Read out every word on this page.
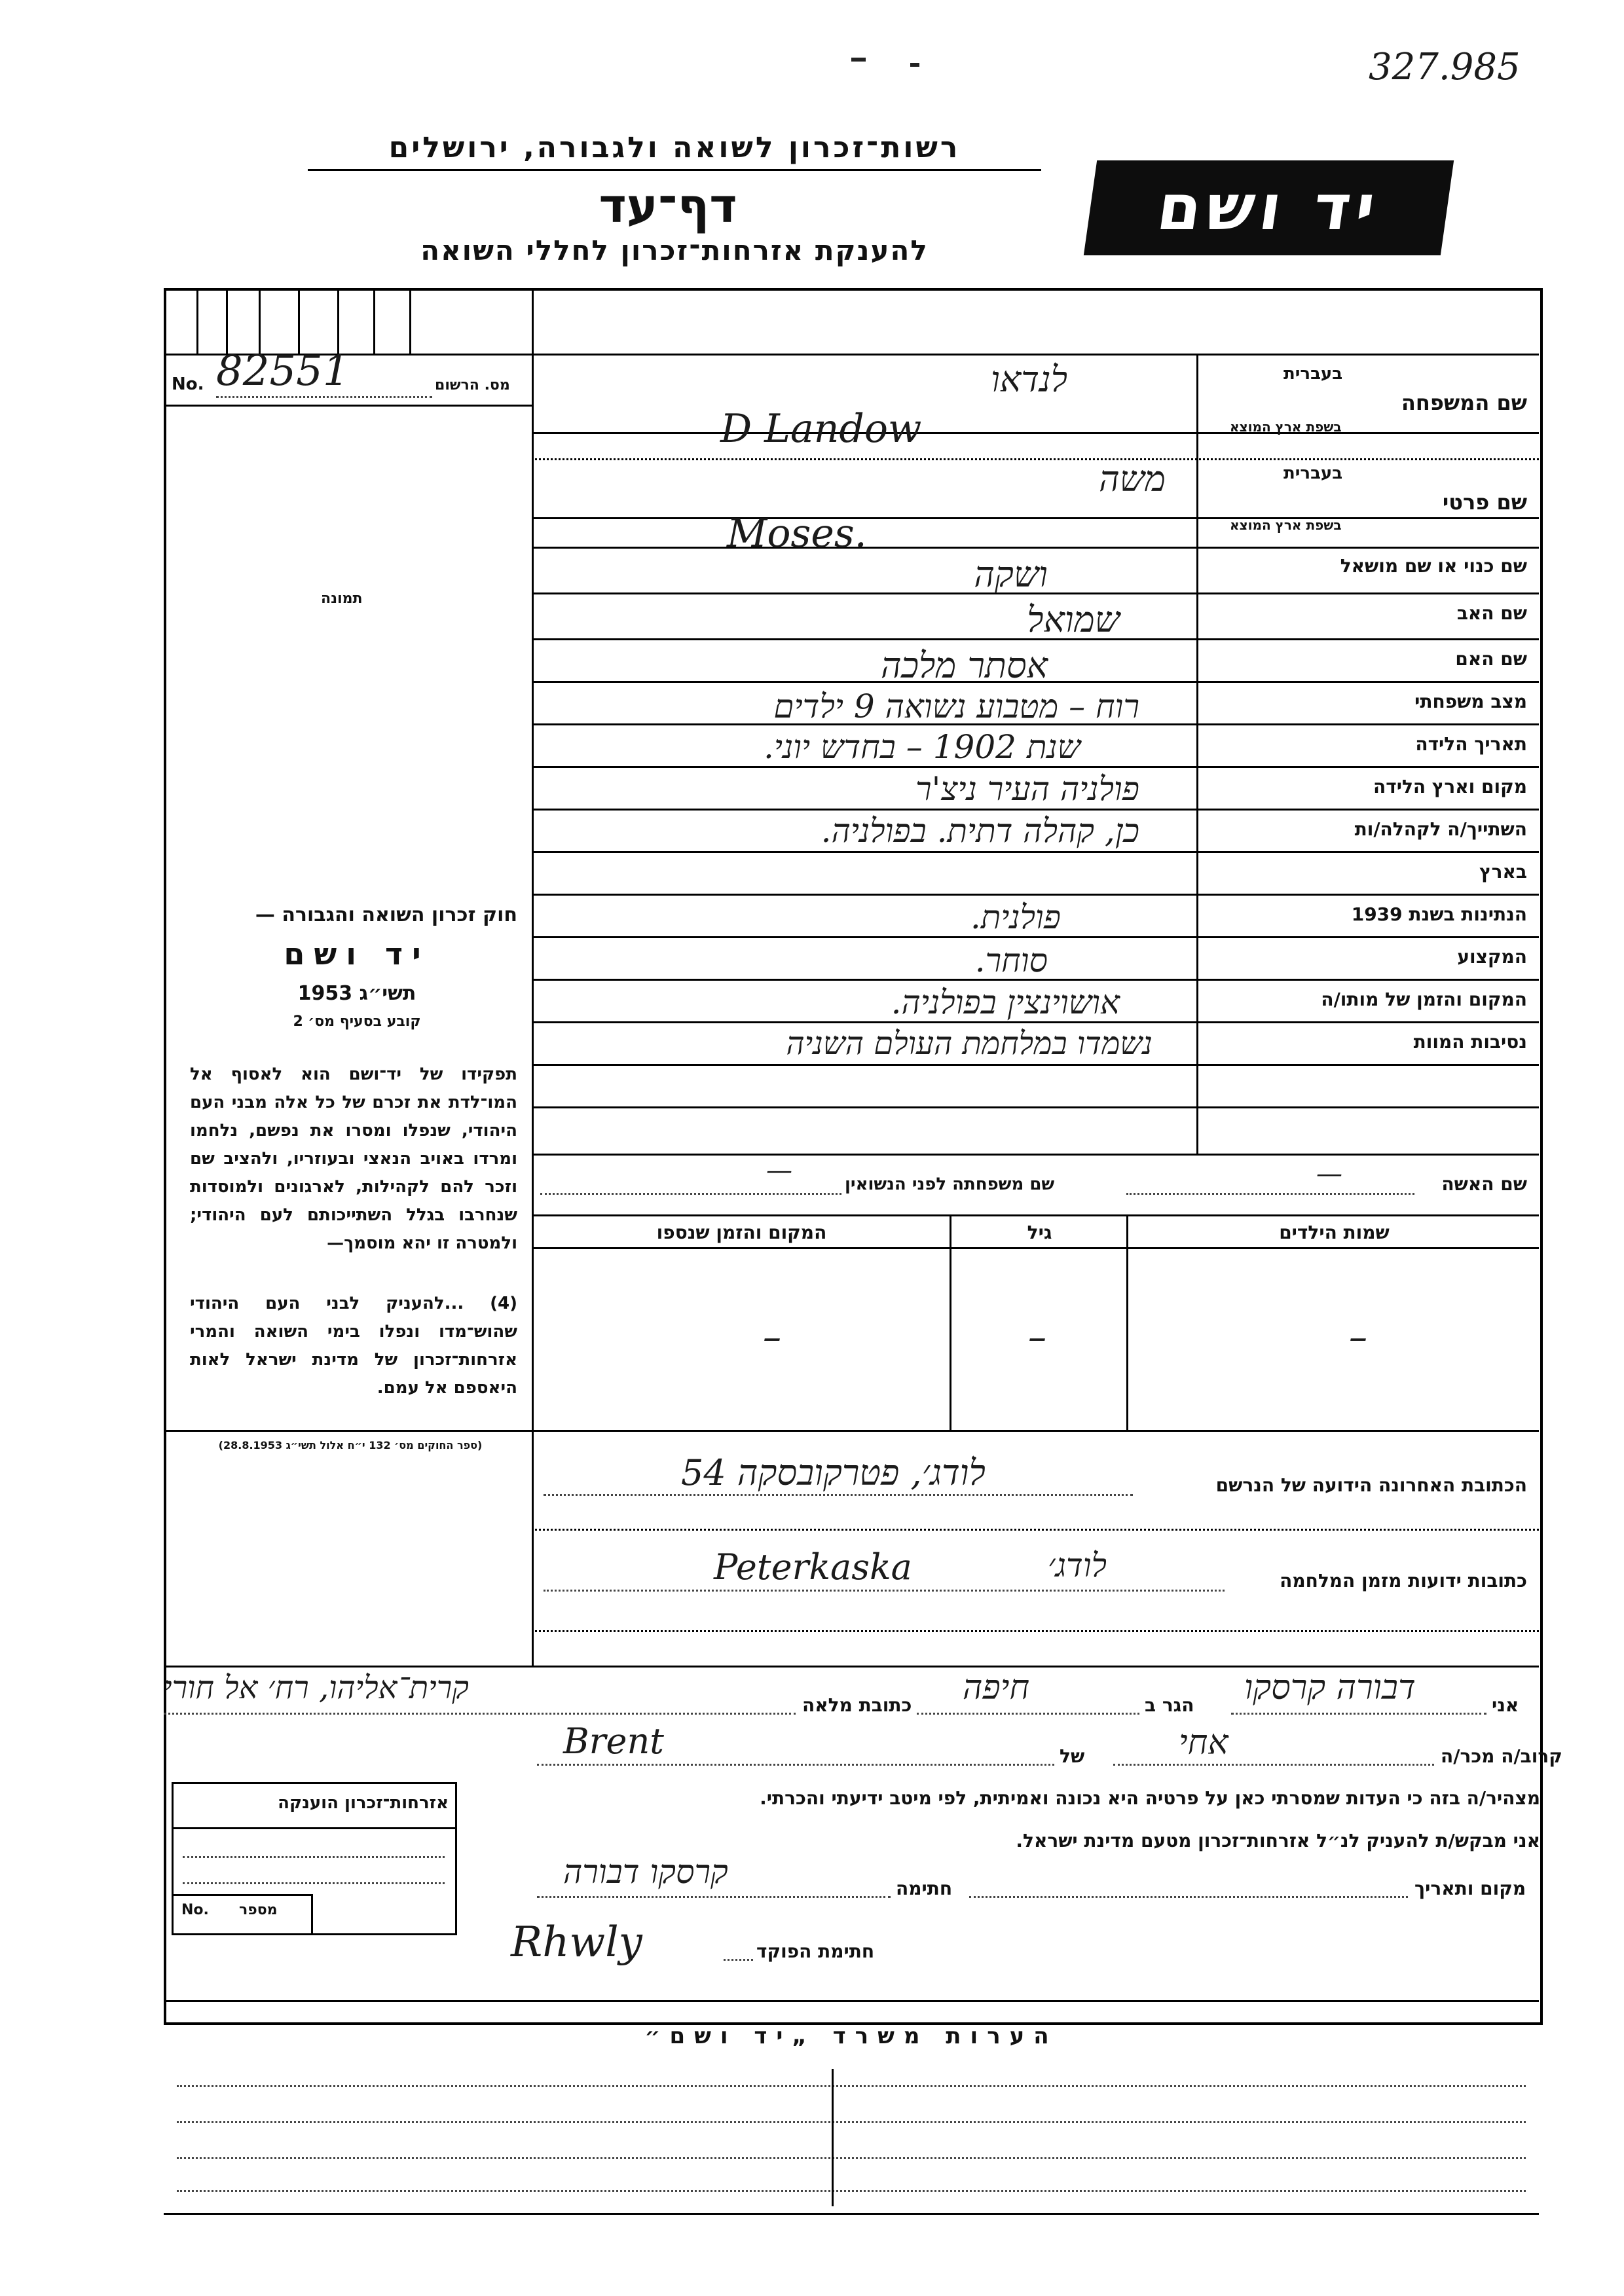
327.985
רשות־זכרון לשואה ולגבורה, ירושלים
דף־עד
להענקת אזרחות־זכרון לחללי השואה
יד ושם
No. 82551	מס. הרשום
תמונה
חוק זכרון השואה והגבורה —
יד ושם
תשי״ג 1953
קובע בסעיף מס׳ 2
תפקידו של יד־ושם הוא לאסוף אל המו־לדת את זכרם של כל אלה מבני העם היהודי, שנפלו ומסרו את נפשם, נלחמו ומרדו באויב הנאצי ובעוזריו, ולהציב שם וזכר להם לקהילות, לארגונים ולמוסדות שנחרבו בגלל השתייכותם לעם היהודי; ולמטרה זו יהא מוסמך—
(4) ...להעניק לבני העם היהודי שהוש־מדו ונפלו בימי השואה והמרי אזרחות־זכרון של מדינת ישראל לאות היאספם אל עמם.
(ספר החוקים מס׳ 132 י״ח אלול תשי״ג 28.8.1953)
שם המשפחה
בעברית
בשפת ארץ המוצא
שם פרטי
בעברית
בשפת ארץ המוצא
שם כנוי או שם מושאל
שם האב
שם האם
מצב משפחתי
תאריך הלידה
מקום וארץ הלידה
השתייך/ה לקהלה/ות
בארץ
הנתינות בשנת 1939
המקצוע
המקום והזמן של מותו/ה
נסיבות המוות
לנדאו
D Landow
משה
Moses.
ושקה
שמואל
אסתר מלכה
רוח – מטבוע נשואה 9 ילדים
שנת 1902 – בחדש יוני.
פולניה העיר ניצ'ר
כן, קהלה דתית. בפולניה.
פולנית.
סוחר.
אושוינצין בפולניה.
נשמדו במלחמת העולם השניה
שם האשה
—
שם משפחתה לפני הנשואין
—
שמות הילדים
גיל
המקום והזמן שנספו
–
–
–
הכתובת האחרונה הידועה של הנרשם
לודג׳, פטרקובסקה 54
כתובות ידועות מזמן המלחמה
Peterkaska	לודג׳
אני
דבורה קרסקו
הגר ב
חיפה
כתובת מלאה
קרית־אליהו, רח׳ אל חורי
קרוב/ה מכר/ה
אחי
של
Brent
מצהיר/ה בזה כי העדות שמסרתי כאן על פרטיה היא נכונה ואמיתית, לפי מיטב ידיעתי והכרתי.
אני מבקש/ת להעניק לנ״ל אזרחות־זכרון מטעם מדינת ישראל.
מקום ותאריך
חתימה
קרסקו דבורה
חתימת הפוקד
Rhwly
אזרחות־זכרון הוענקה
No. מספר
הערות משרד „יד ושם״
